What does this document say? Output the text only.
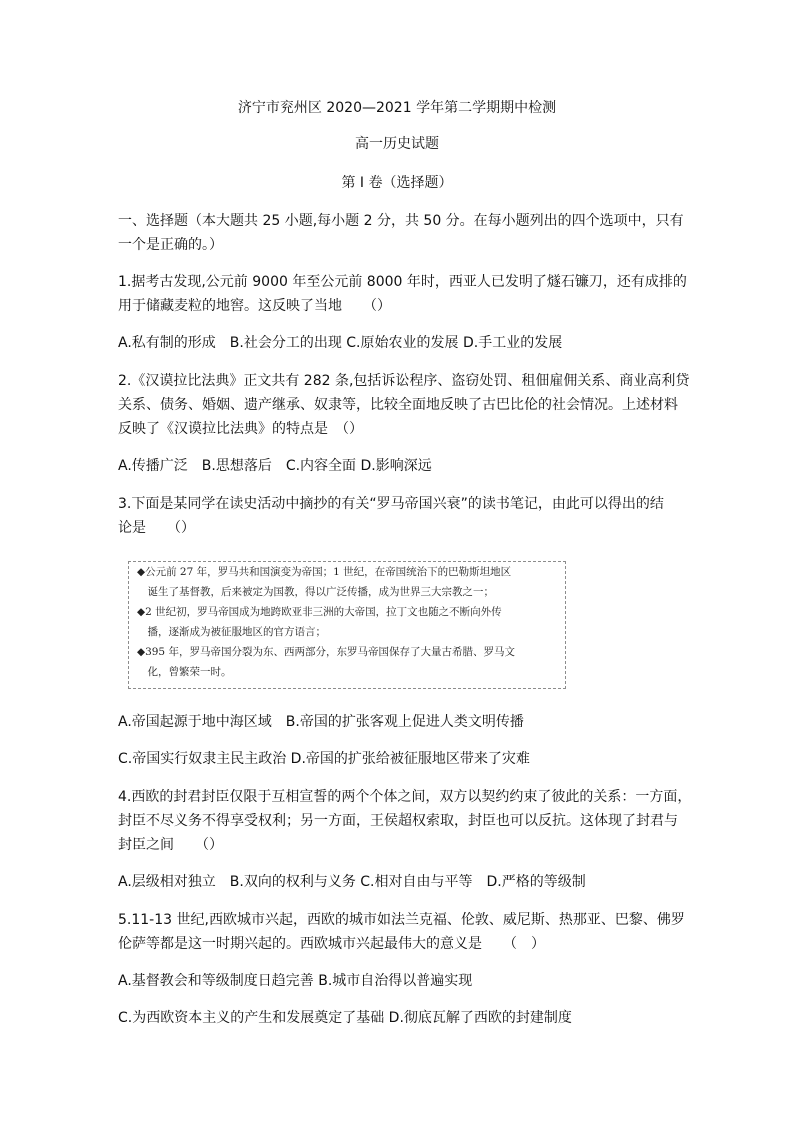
济宁市兖州区 2020—2021 学年第二学期期中检测
高一历史试题
第 I 卷（选择题）
一、选择题（本大题共 25 小题,每小题 2 分，共 50 分。在每小题列出的四个选项中，只有
一个是正确的。）
1.据考古发现,公元前 9000 年至公元前 8000 年时，西亚人已发明了燧石镰刀，还有成排的
用于储藏麦粒的地窖。这反映了当地　　（）
A.私有制的形成　B.社会分工的出现 C.原始农业的发展 D.手工业的发展
2.《汉谟拉比法典》正文共有 282 条,包括诉讼程序、盗窃处罚、租佃雇佣关系、商业高利贷
关系、债务、婚姻、遗产继承、奴隶等，比较全面地反映了古巴比伦的社会情况。上述材料
反映了《汉谟拉比法典》的特点是　（）
A.传播广泛　B.思想落后　C.内容全面 D.影响深远
3.下面是某同学在读史活动中摘抄的有关“罗马帝国兴衰”的读书笔记，由此可以得出的结
论是　　（）
◆公元前 27 年，罗马共和国演变为帝国；1 世纪，在帝国统治下的巴勒斯坦地区
　诞生了基督教，后来被定为国教，得以广泛传播，成为世界三大宗教之一；
◆2 世纪初，罗马帝国成为地跨欧亚非三洲的大帝国，拉丁文也随之不断向外传
　播，逐渐成为被征服地区的官方语言；
◆395 年，罗马帝国分裂为东、西两部分，东罗马帝国保存了大量古希腊、罗马文
　化，曾繁荣一时。
A.帝国起源于地中海区域　B.帝国的扩张客观上促进人类文明传播
C.帝国实行奴隶主民主政治 D.帝国的扩张给被征服地区带来了灾难
4.西欧的封君封臣仅限于互相宣誓的两个个体之间，双方以契约约束了彼此的关系：一方面，
封臣不尽义务不得享受权利；另一方面，王侯超权索取，封臣也可以反抗。这体现了封君与
封臣之间　　（）
A.层级相对独立　B.双向的权利与义务 C.相对自由与平等　D.严格的等级制
5.11-13 世纪,西欧城市兴起，西欧的城市如法兰克福、伦敦、威尼斯、热那亚、巴黎、佛罗
伦萨等都是这一时期兴起的。西欧城市兴起最伟大的意义是　　（　）
A.基督教会和等级制度日趋完善 B.城市自治得以普遍实现
C.为西欧资本主义的产生和发展奠定了基础 D.彻底瓦解了西欧的封建制度
